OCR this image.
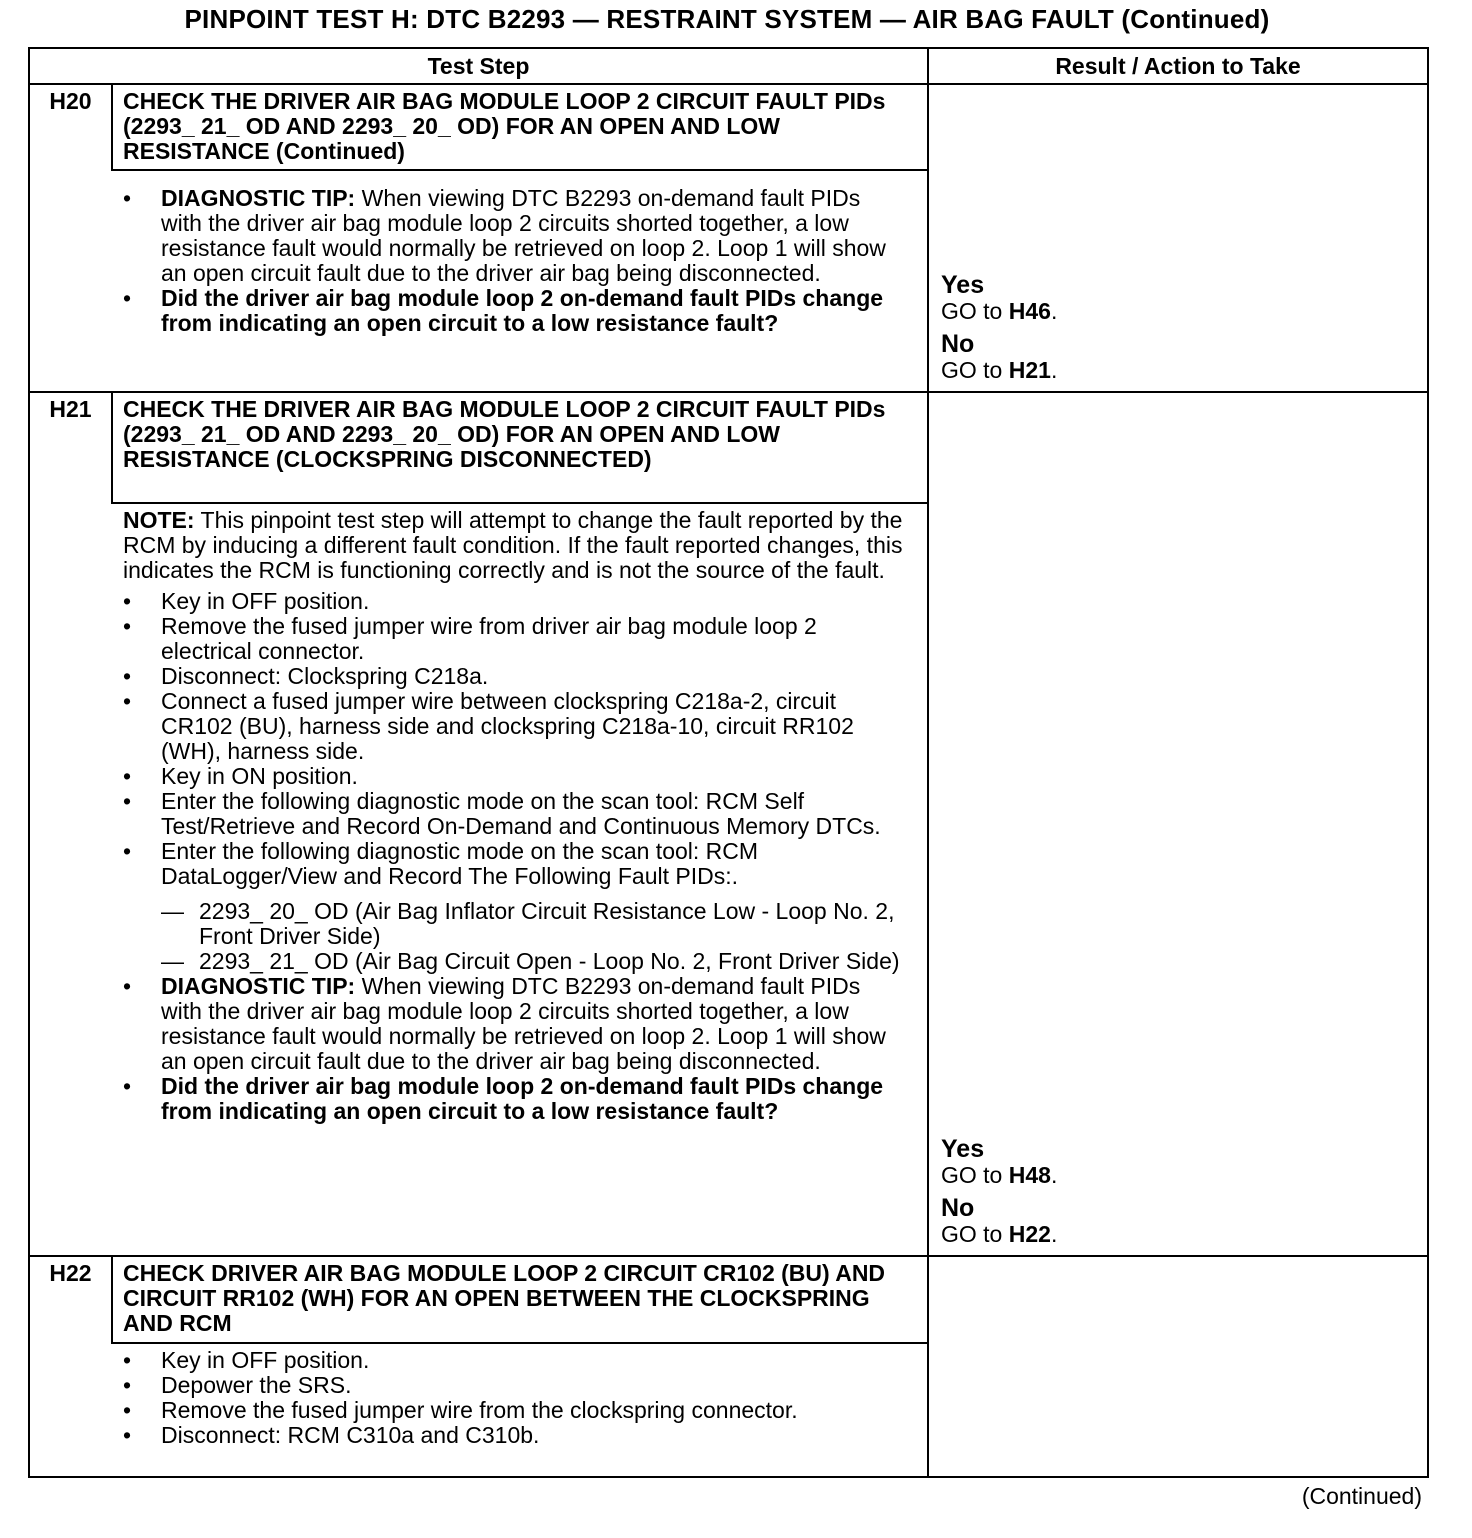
PINPOINT TEST H: DTC B2293 — RESTRAINT SYSTEM — AIR BAG FAULT (Continued)
Test Step	Result / Action to Take
H20	CHECK THE DRIVER AIR BAG MODULE LOOP 2 CIRCUIT FAULT PIDs (2293_ 21_ OD AND 2293_ 20_ OD) FOR AN OPEN AND LOW RESISTANCE (Continued)
• DIAGNOSTIC TIP: When viewing DTC B2293 on-demand fault PIDs with the driver air bag module loop 2 circuits shorted together, a low resistance fault would normally be retrieved on loop 2. Loop 1 will show an open circuit fault due to the driver air bag being disconnected.
• Did the driver air bag module loop 2 on-demand fault PIDs change from indicating an open circuit to a low resistance fault?
Yes
GO to H46.
No
GO to H21.
H21	CHECK THE DRIVER AIR BAG MODULE LOOP 2 CIRCUIT FAULT PIDs (2293_ 21_ OD AND 2293_ 20_ OD) FOR AN OPEN AND LOW RESISTANCE (CLOCKSPRING DISCONNECTED)
NOTE: This pinpoint test step will attempt to change the fault reported by the RCM by inducing a different fault condition. If the fault reported changes, this indicates the RCM is functioning correctly and is not the source of the fault.
• Key in OFF position.
• Remove the fused jumper wire from driver air bag module loop 2 electrical connector.
• Disconnect: Clockspring C218a.
• Connect a fused jumper wire between clockspring C218a-2, circuit CR102 (BU), harness side and clockspring C218a-10, circuit RR102 (WH), harness side.
• Key in ON position.
• Enter the following diagnostic mode on the scan tool: RCM Self Test/Retrieve and Record On-Demand and Continuous Memory DTCs.
• Enter the following diagnostic mode on the scan tool: RCM DataLogger/View and Record The Following Fault PIDs:.
— 2293_ 20_ OD (Air Bag Inflator Circuit Resistance Low - Loop No. 2, Front Driver Side)
— 2293_ 21_ OD (Air Bag Circuit Open - Loop No. 2, Front Driver Side)
• DIAGNOSTIC TIP: When viewing DTC B2293 on-demand fault PIDs with the driver air bag module loop 2 circuits shorted together, a low resistance fault would normally be retrieved on loop 2. Loop 1 will show an open circuit fault due to the driver air bag being disconnected.
• Did the driver air bag module loop 2 on-demand fault PIDs change from indicating an open circuit to a low resistance fault?
Yes
GO to H48.
No
GO to H22.
H22	CHECK DRIVER AIR BAG MODULE LOOP 2 CIRCUIT CR102 (BU) AND CIRCUIT RR102 (WH) FOR AN OPEN BETWEEN THE CLOCKSPRING AND RCM
• Key in OFF position.
• Depower the SRS.
• Remove the fused jumper wire from the clockspring connector.
• Disconnect: RCM C310a and C310b.
(Continued)
